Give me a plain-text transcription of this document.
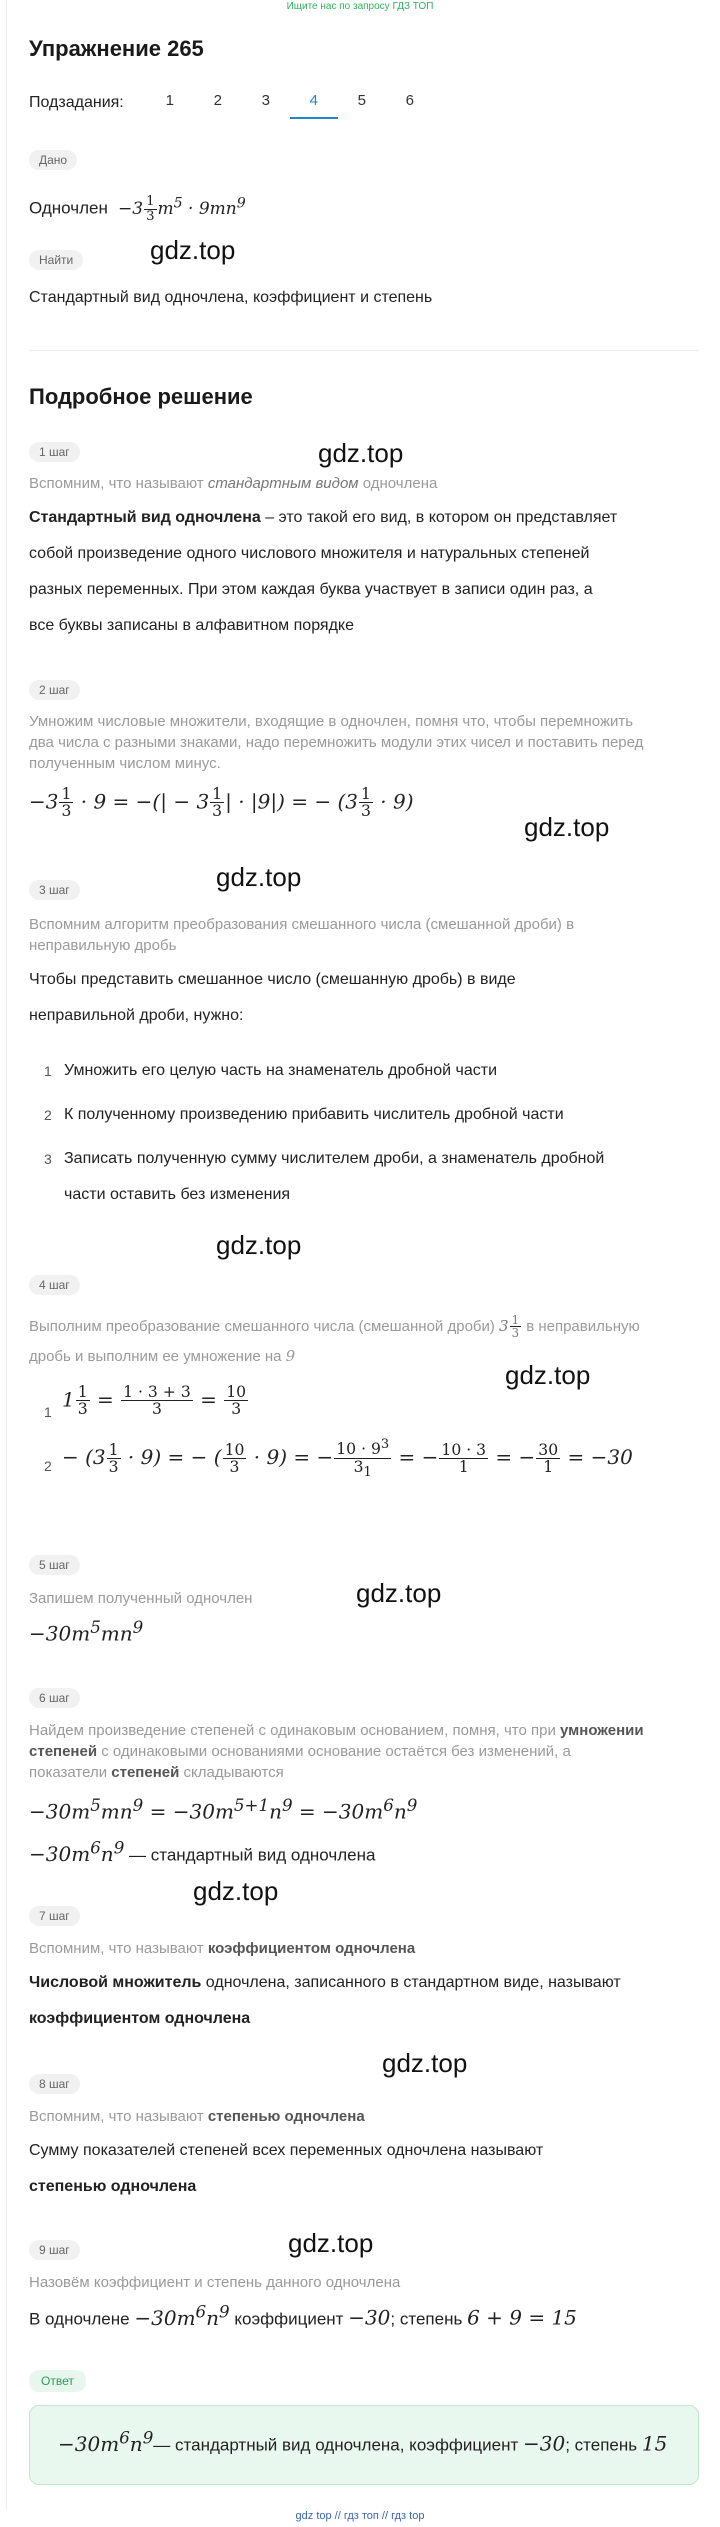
Ищите нас по запросу ГДЗ ТОП
Упражнение 265
Подзадания:	1	2	3	4	5	6
Дано
Одночлен  $-3 \frac{1}{3} m^5 \cdot 9mn^9$
Найти	gdz.top
Стандартный вид одночлена, коэффициент и степень
Подробное решение
1 шаг	gdz.top
Вспомним, что называют стандартным видом одночлена
Стандартный вид одночлена – это такой его вид, в котором он представляет
собой произведение одного числового множителя и натуральных степеней
разных переменных. При этом каждая буква участвует в записи один раз, а
все буквы записаны в алфавитном порядке
2 шаг
Умножим числовые множители, входящие в одночлен, помня что, чтобы перемножить
два числа с разными знаками, надо перемножить модули этих чисел и поставить перед
полученным числом минус.
$-3 \frac{1}{3} \cdot 9$ = −(| − $3 \frac{1}{3}$ | · |9|) = − $(3 \frac{1}{3} \cdot 9)$
gdz.top
gdz.top
3 шаг
Вспомним алгоритм преобразования смешанного числа (смешанной дроби) в
неправильную дробь
Чтобы представить смешанное число (смешанную дробь) в виде
неправильной дроби, нужно:
1 Умножить его целую часть на знаменатель дробной части
2 К полученному произведению прибавить числитель дробной части
3 Записать полученную сумму числителем дроби, а знаменатель дробной
части оставить без изменения
gdz.top
4 шаг
Выполним преобразование смешанного числа (смешанной дроби) $3 \frac{1}{3}$ в неправильную
дробь и выполним ее умножение на 9
gdz.top
1
$1 \frac{1}{3} = \frac{1 \cdot 3 + 3}{3} = \frac{10}{3}$
$2 - (3 \frac{1}{3} \cdot 9)$ = − ( $\frac{10}{3} \cdot 9$) = − $\frac{10 \cdot 9^3}{3_1}$ = − $\frac{10 \cdot 3}{1}$ = − $\frac{30}{1} = -30$
5 шаг
gdz.top
Запишем полученный одночлен
$-30m^5mn^9$
6 шаг
Найдем произведение степеней с одинаковым основанием, помня, что при умножении
степеней с одинаковыми основаниями основание остаётся без изменений, а
показатели степеней складываются
$-30m^5mn^9 = -30m^{5+1}n^9 = -30m^6n^9$
$-30m^6n^9$ — стандартный вид одночлена
gdz.top
7 шаг
Вспомним, что называют коэффициентом одночлена
Числовой множитель одночлена, записанного в стандартном виде, называют
коэффициентом одночлена
gdz.top
8 шаг
Вспомним, что называют степенью одночлена
Сумму показателей степеней всех переменных одночлена называют
степенью одночлена
gdz.top
9 шаг
Назовём коэффициент и степень данного одночлена
В одночлене $-30m^6n^9$ коэффициент −30; степень 6 + 9 = 15
Ответ
$-30m^6n^9—$ стандартный вид одночлена, коэффициент −30; степень 15
gdz top // гдз топ // гдз top
